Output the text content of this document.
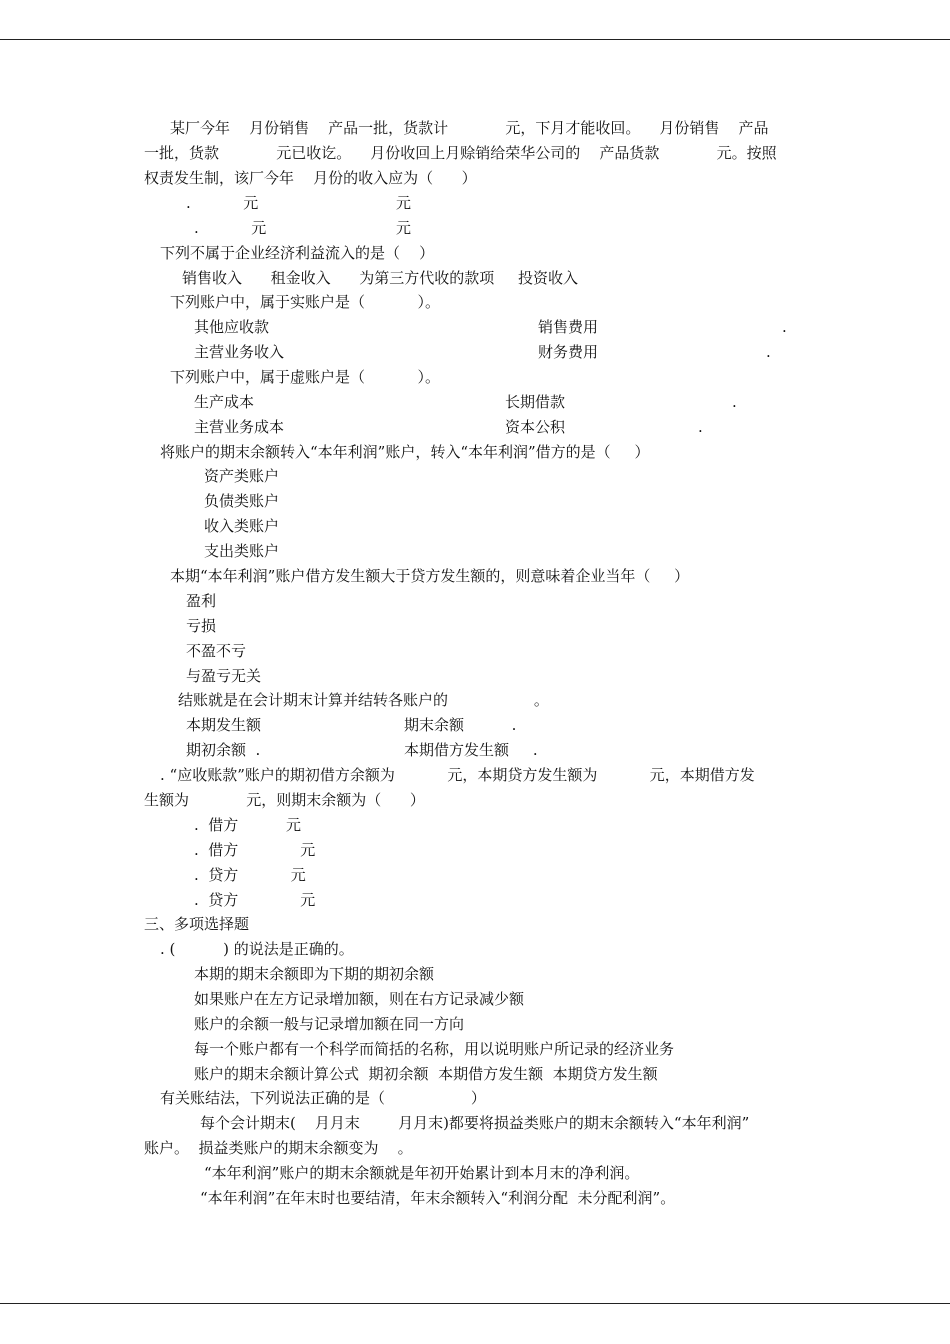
某厂今年    月份销售    产品一批，货款计            元，下月才能收回。    月份销售    产品
一批，货款            元已收讫。    月份收回上月赊销给荣华公司的    产品货款            元。按照
权责发生制，该厂今年    月份的收入应为（      ）
.           元	元
.           元	元
下列不属于企业经济利益流入的是（    ）
销售收入      租金收入      为第三方代收的款项     投资收入
下列账户中，属于实账户是（           ）。
其他应收款	销售费用	.
主营业务收入	财务费用	.
下列账户中，属于虚账户是（           ）。
生产成本	长期借款	.
主营业务成本	资本公积	.
将账户的期末余额转入“本年利润”账户，转入“本年利润”借方的是（     ）
资产类账户
负债类账户
收入类账户
支出类账户
本期“本年利润”账户借方发生额大于贷方发生额的，则意味着企业当年（     ）
盈利
亏损
不盈不亏
与盈亏无关
结账就是在会计期末计算并结转各账户的                  。
本期发生额	期末余额          .
期初余额  .	本期借方发生额     .
. “应收账款”账户的期初借方余额为           元，本期贷方发生额为           元，本期借方发
生额为            元，则期末余额为（      ）
.  借方          元
.  借方             元
.  贷方           元
.  贷方             元
三、多项选择题
. (          ) 的说法是正确的。
本期的期末余额即为下期的期初余额
如果账户在左方记录增加额，则在右方记录减少额
账户的余额一般与记录增加额在同一方向
每一个账户都有一个科学而简括的名称，用以说明账户所记录的经济业务
账户的期末余额计算公式  期初余额  本期借方发生额  本期贷方发生额
有关账结法，下列说法正确的是（                  ）
每个会计期末(    月月末        月月末)都要将损益类账户的期末余额转入“本年利润”
账户。  损益类账户的期末余额变为    。
“本年利润”账户的期末余额就是年初开始累计到本月末的净利润。
“本年利润”在年末时也要结清，年末余额转入“利润分配  未分配利润”。
